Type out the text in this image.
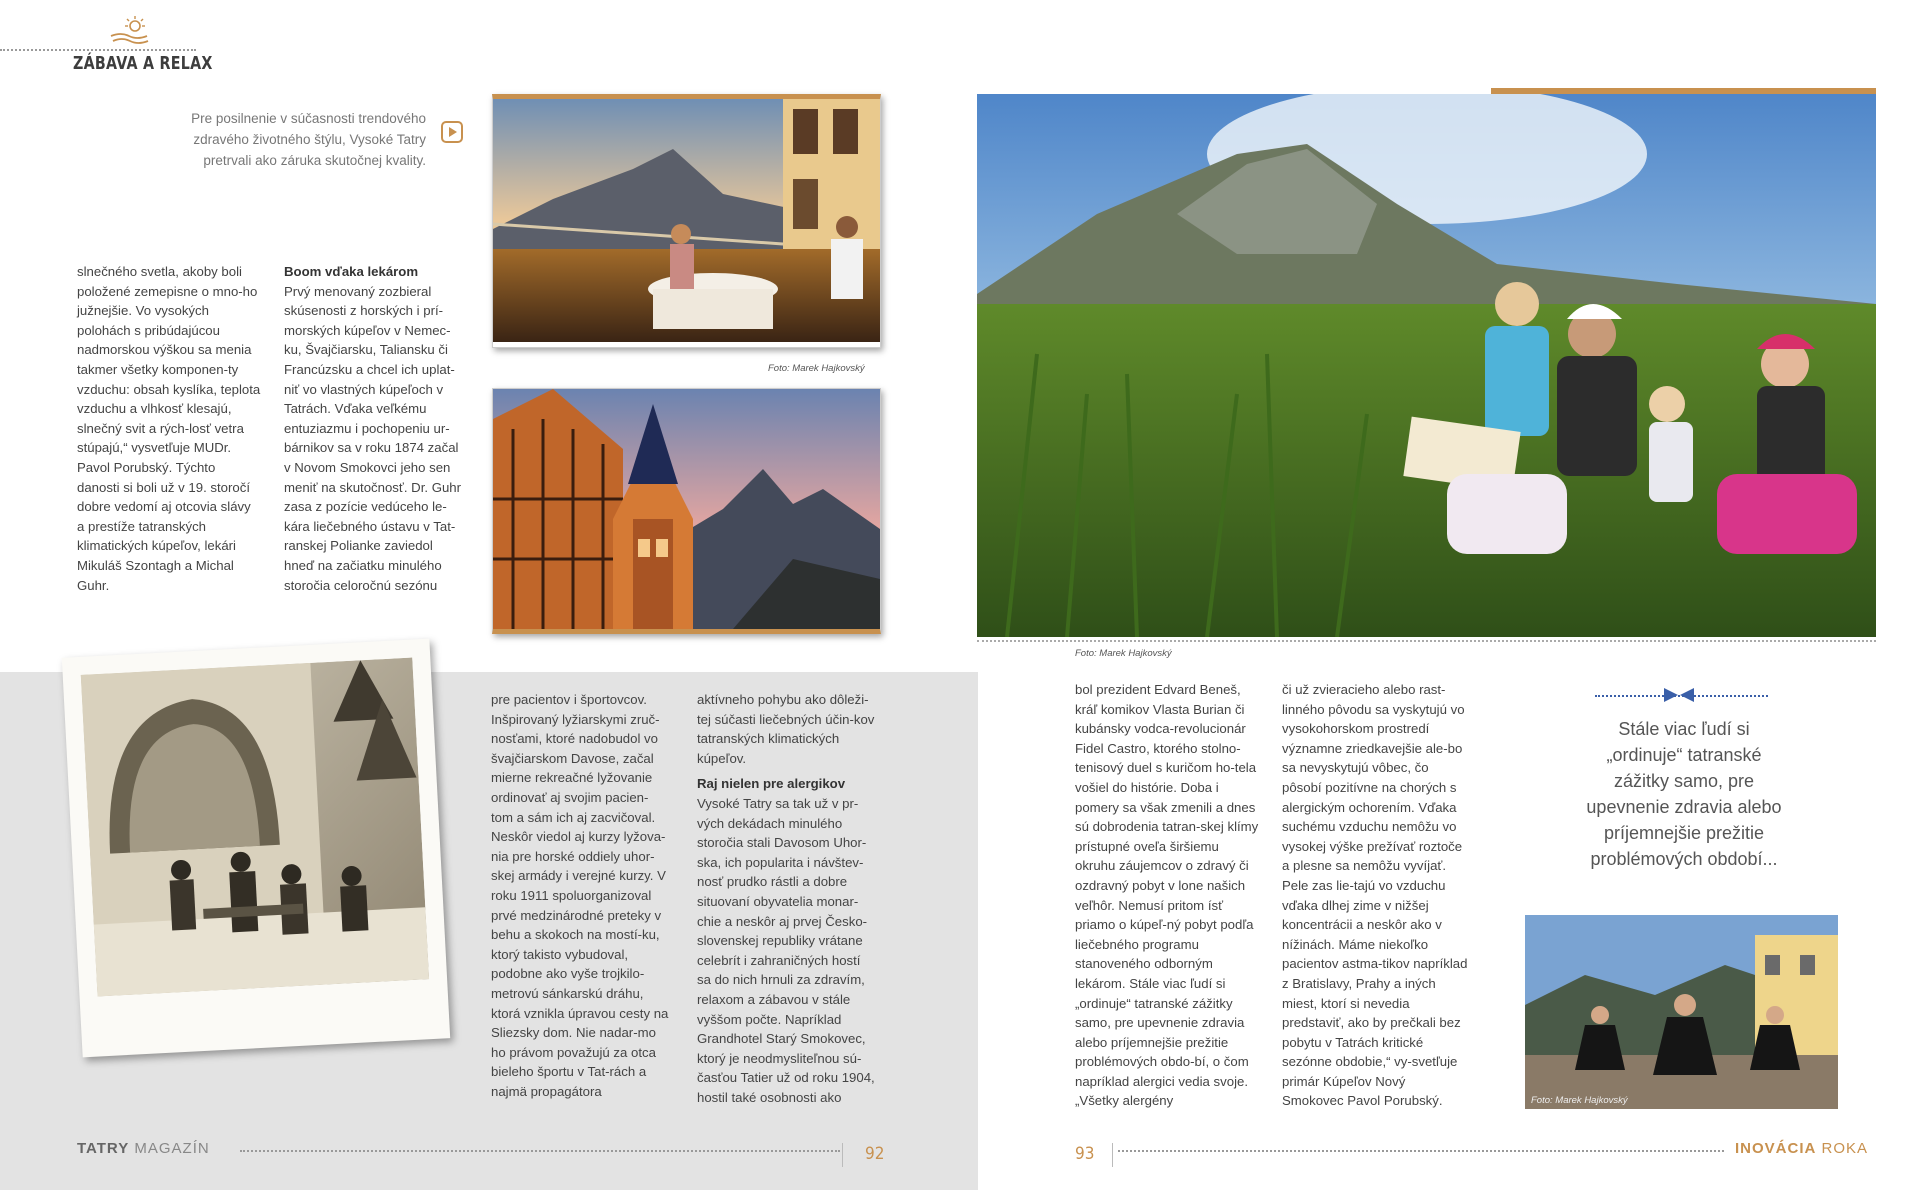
ZÁBAVA A RELAX
Pre posilnenie v súčasnosti trendového zdravého životného štýlu, Vysoké Tatry pretrvali ako záruka skutočnej kvality.

slnečného svetla, akoby boli položené zemepisne o mno-ho južnejšie. Vo vysokých polohách s pribúdajúcou nadmorskou výškou sa menia takmer všetky komponen-ty vzduchu: obsah kyslíka, teplota vzduchu a vlhkosť klesajú, slnečný svit a rých-losť vetra stúpajú,“ vysvetľuje MUDr. Pavol Porubský. Týchto danosti si boli už v 19. storočí dobre vedomí aj otcovia slávy a prestíže tatranských klimatických kúpeľov, lekári Mikuláš Szontagh a Michal Guhr.

Boom vďaka lekárom

Prvý menovaný zozbieral skúsenosti z horských i prí-morských kúpeľov v Nemec-ku, Švajčiarsku, Taliansku či Francúzsku a chcel ich uplat-niť vo vlastných kúpeľoch v Tatrách. Vďaka veľkému entuziazmu i pochopeniu ur-bárnikov sa v roku 1874 začal v Novom Smokovci jeho sen meniť na skutočnosť. Dr. Guhr zasa z pozície vedúceho le-kára liečebného ústavu v Tat-ranskej Polianke zaviedol hneď na začiatku minulého storočia celoročnú sezónu

Foto: Marek Hajkovský

pre pacientov i športovcov. Inšpirovaný lyžiarskymi zruč-nosťami, ktoré nadobudol vo švajčiarskom Davose, začal mierne rekreačné lyžovanie ordinovať aj svojim pacien-tom a sám ich aj zacvičoval. Neskôr viedol aj kurzy lyžova-nia pre horské oddiely uhor-skej armády i verejné kurzy. V roku 1911 spoluorganizoval prvé medzinárodné preteky v behu a skokoch na mostí-ku, ktorý takisto vybudoval, podobne ako vyše trojkilo-metrovú sánkarskú dráhu, ktorá vznikla úpravou cesty na Sliezsky dom. Nie nadar-mo ho právom považujú za otca bieleho športu v Tat-rách a najmä propagátora

aktívneho pohybu ako dôleži-tej súčasti liečebných účin-kov tatranských klimatických kúpeľov.

Raj nielen pre alergikov

Vysoké Tatry sa tak už v pr-vých dekádach minulého storočia stali Davosom Uhor-ska, ich popularita i návštev-nosť prudko rástli a dobre situovaní obyvatelia monar-chie a neskôr aj prvej Česko-slovenskej republiky vrátane celebrít i zahraničných hostí sa do nich hrnuli za zdravím, relaxom a zábavou v stále vyššom počte. Napríklad Grandhotel Starý Smokovec, ktorý je neodmysliteľnou sú-časťou Tatier už od roku 1904, hostil také osobnosti ako

TATRY MAGAZÍN	92
Foto: Marek Hajkovský

bol prezident Edvard Beneš, kráľ komikov Vlasta Burian či kubánsky vodca-revolucionár Fidel Castro, ktorého stolno-tenisový duel s kuričom ho-tela vošiel do histórie. Doba i pomery sa však zmenili a dnes sú dobrodenia tatran-skej klímy prístupné oveľa širšiemu okruhu záujemcov o zdravý či ozdravný pobyt v lone našich veľhôr. Nemusí pritom ísť priamo o kúpeľ-ný pobyt podľa liečebného programu stanoveného odborným lekárom. Stále viac ľudí si „ordinuje“ tatranské zážitky samo, pre upevnenie zdravia alebo príjemnejšie prežitie problémových obdo-bí, o čom napríklad alergici vedia svoje. „Všetky alergény

či už zvieracieho alebo rast-linného pôvodu sa vyskytujú vo vysokohorskom prostredí významne zriedkavejšie ale-bo sa nevyskytujú vôbec, čo pôsobí pozitívne na chorých s alergickým ochorením. Vďaka suchému vzduchu nemôžu vo vysokej výške prežívať roztoče a plesne sa nemôžu vyvíjať. Pele zas lie-tajú vo vzduchu vďaka dlhej zime v nižšej koncentrácii a neskôr ako v nížinách. Máme niekoľko pacientov astma-tikov napríklad z Bratislavy, Prahy a iných miest, ktorí si nevedia predstaviť, ako by prečkali bez pobytu v Tatrách kritické sezónne obdobie,“ vy-svetľuje primár Kúpeľov Nový Smokovec Pavol Porubský.

Stále viac ľudí si „ordinuje“ tatranské zážitky samo, pre upevnenie zdravia alebo príjemnejšie prežitie problémových období...
Foto: Marek Hajkovský
93	INOVÁCIA ROKA
